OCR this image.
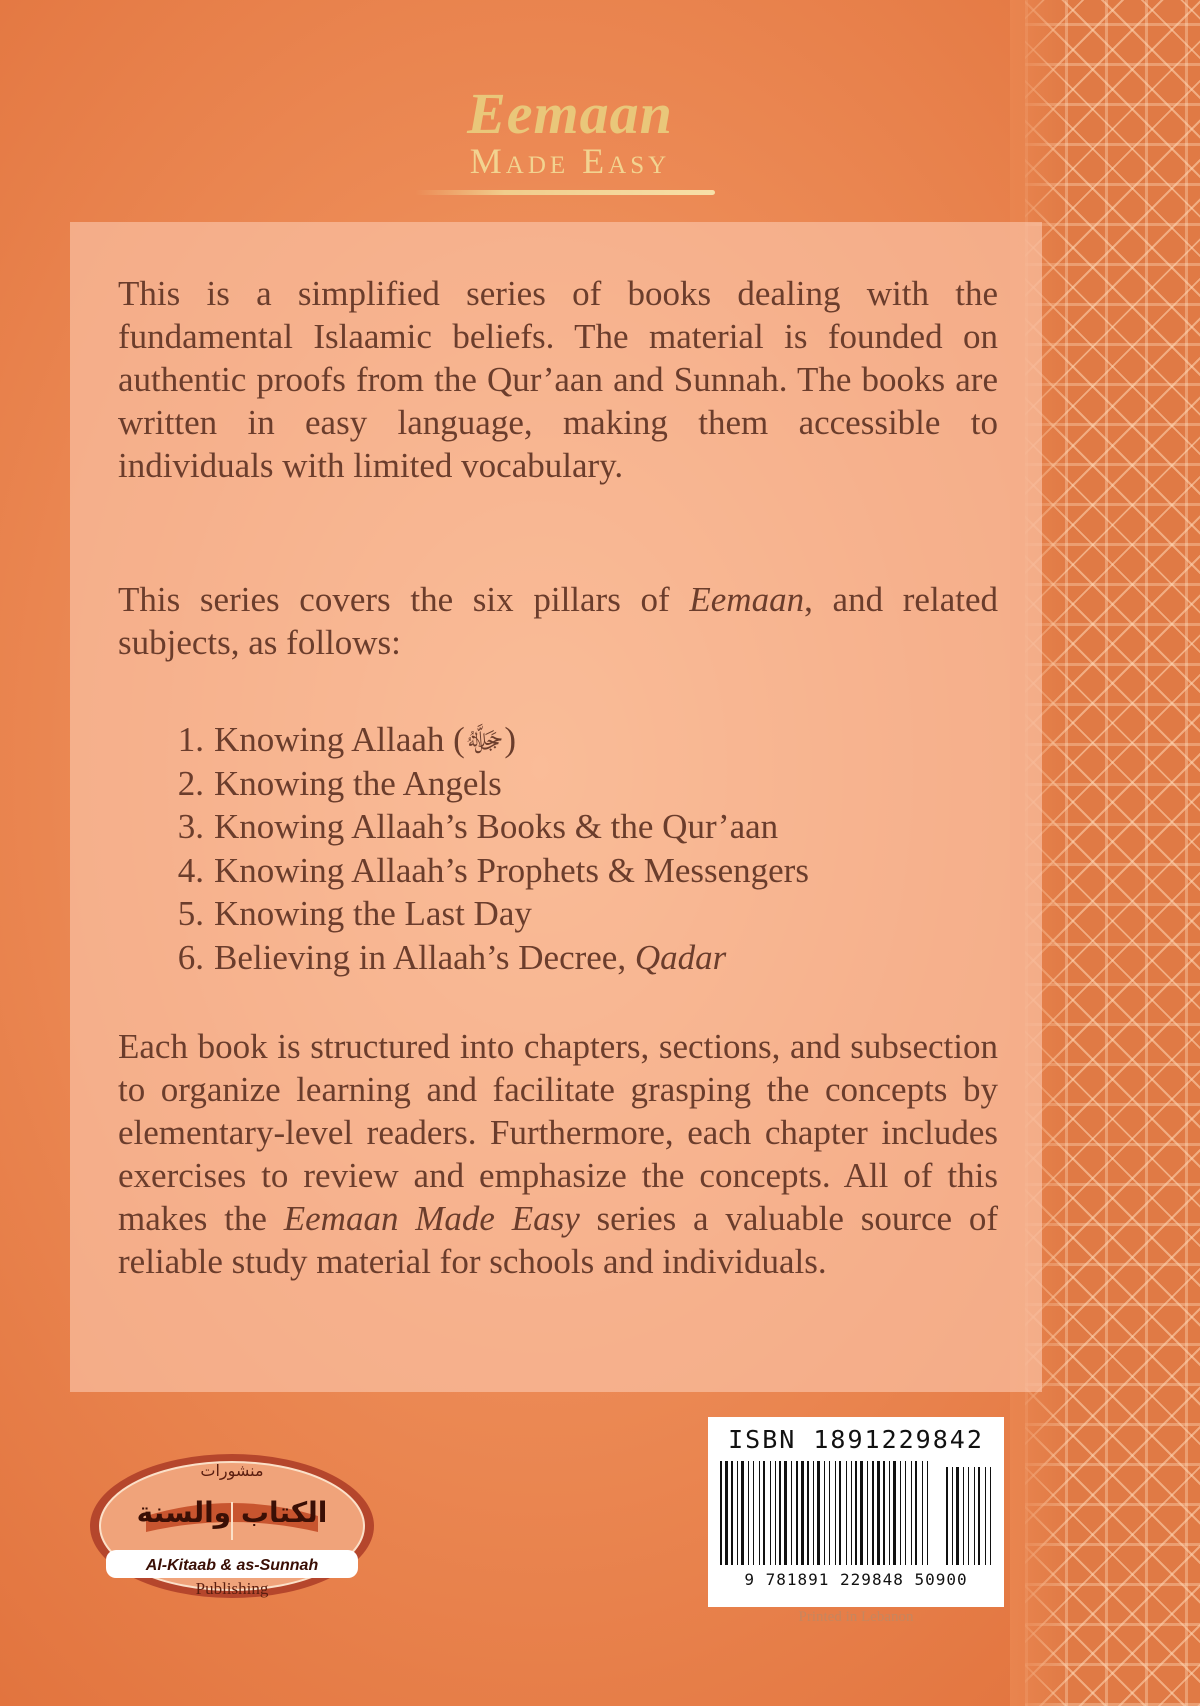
Eemaan
Made Easy
This is a simplified series of books dealing with the fundamental Islaamic beliefs. The material is founded on authentic proofs from the Qur’aan and Sunnah. The books are written in easy language, making them accessible to individuals with limited vocabulary.
This series covers the six pillars of Eemaan, and related subjects, as follows:
1. Knowing Allaah (ﷻ)
2. Knowing the Angels
3. Knowing Allaah’s Books & the Qur’aan
4. Knowing Allaah’s Prophets & Messengers
5. Knowing the Last Day
6. Believing in Allaah’s Decree, Qadar
Each book is structured into chapters, sections, and subsection to organize learning and facilitate grasping the concepts by elementary-level readers. Furthermore, each chapter includes exercises to review and emphasize the concepts. All of this makes the Eemaan Made Easy series a valuable source of reliable study material for schools and individuals.
منشورات
الكتاب والسنة
Al-Kitaab & as-Sunnah
Publishing
ISBN 1891229842
9 781891 229848 50900
Printed in Lebanon
